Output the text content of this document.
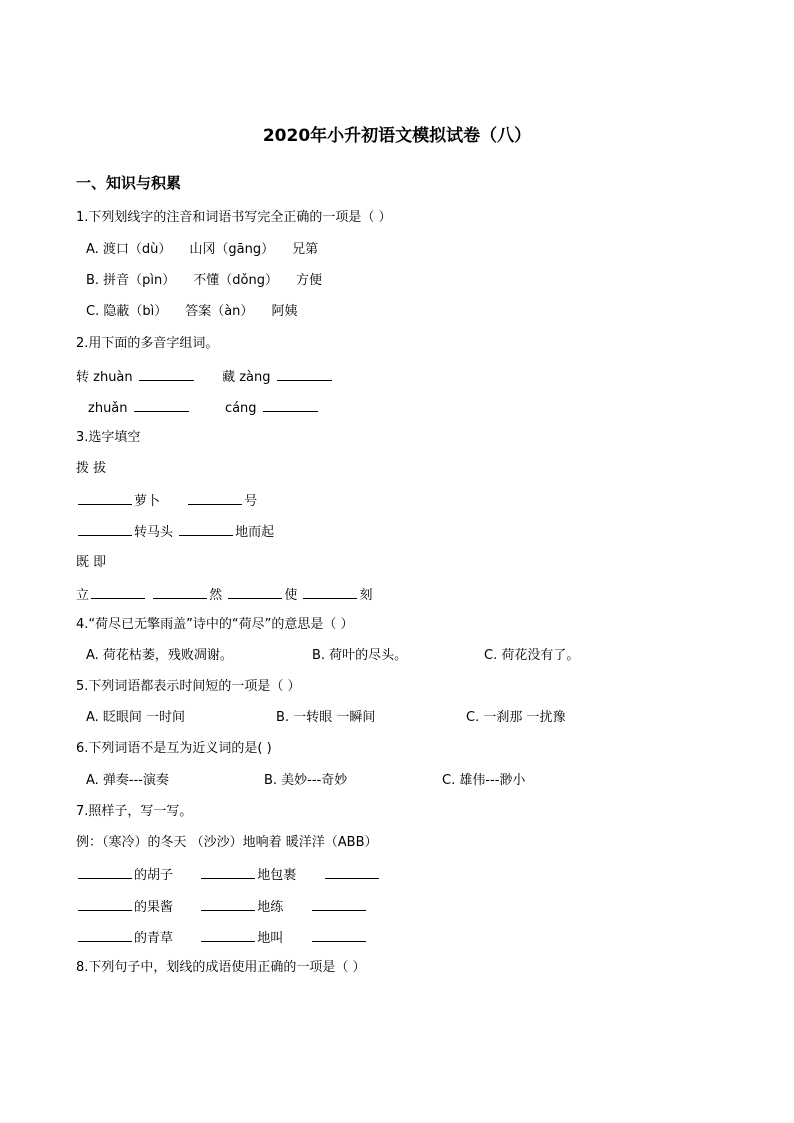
2020年小升初语文模拟试卷（八）
一、知识与积累
1.下列划线字的注音和词语书写完全正确的一项是（ ）
A. 渡口（dù） 山冈（gāng） 兄第
B. 拼音（pìn） 不懂（dǒng） 方便
C. 隐蔽（bì） 答案（àn） 阿姨
2.用下面的多音字组词。
转 zhuàn	藏 zàng
zhuǎn	cáng
3.选字填空
拨 拔
萝卜	号
转马头	地而起
既 即
立	然	使	刻
4.“荷尽已无擎雨盖”诗中的“荷尽”的意思是（ ）
A. 荷花枯萎，残败凋谢。	B. 荷叶的尽头。	C. 荷花没有了。
5.下列词语都表示时间短的一项是（ ）
A. 眨眼间 一时间	B. 一转眼 一瞬间	C. 一刹那 一扰豫
6.下列词语不是互为近义词的是( )
A. 弹奏---演奏	B. 美妙---奇妙	C. 雄伟---渺小
7.照样子，写一写。
例：（寒冷）的冬天 （沙沙）地响着 暖洋洋（ABB）
的胡子	地包裹
的果酱	地练
的青草	地叫
8.下列句子中，划线的成语使用正确的一项是（ ）
